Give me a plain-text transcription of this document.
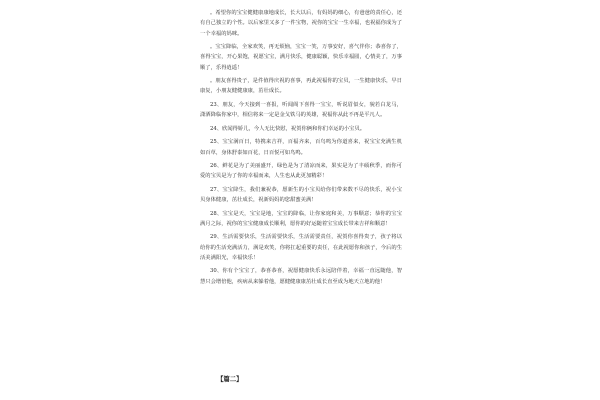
。希望你的宝宝健健康康地成长，长大以后，有妈妈的细心，有爸爸的责任心，还有自己独立的个性。以后家里又多了一件宝物，祝你的宝宝一生幸福，也祝福你成为了一个幸福的妈咪。

。宝宝降临，全家欢笑，再无烦恼，宝宝一笑，万事安好，喜气伴你；恭喜你了，喜得宝宝，开心果饱，祝愿宝宝，满月快乐，健康聪颖，快乐幸福圆，心情美了，万事顺了，乐得逍遥！

。朋友喜得贵子，是件值得庆祝的喜事，再此祝福你的宝贝，一生健康快乐，早日康复，小朋友健健康康，茁壮成长。

23、朋友，今天接到一喜报，听闻阁下喜得一宝宝，听说眉似女，貌若白龙马，潇洒降临你家中，相信将来一定是金戈铁马的英雄，祝福你从此不再是平凡人。

24、欣闻得娇儿，今人无比快慰，祝贺你俩和你们幸运的小宝贝。

25、宝宝满百日，特携来吉祥，百福齐来，百鸟鸣为你道喜来，祝宝宝充满生机如百草，身体舒泰如百花，日百悦可如鸟鸣。

26、鲜花是为了美丽盛开，绿色是为了清凉而来，果实是为了丰硕秋季，而你可爱的宝贝是为了你的幸福而来，人生也从此更加精彩！

27、宝宝降生，我们兼祝恭，愿新生的小宝贝给你们带来数不尽的快乐，祝小宝贝身体健康，茁壮成长，祝新妈妈的您甜蜜美满！

28、宝宝是天，宝宝是地，宝宝的降临，让你家庭和美，万事顺意；恭你的宝宝满月之际，祝你的宝宝健康成长顺利，愿你的好运随着宝宝成长带来吉祥和顺意！

29、生活需要快乐，生活需要快乐，生活需要责任，祝贺你喜得贵子，孩子将以给你的生活充满活力，满是欢笑，你将扛起重要的责任，在此祝愿你和孩子，今后的生活美满阳光，幸福快乐！

30、你有个宝宝了，恭喜恭喜，祝愿健康快乐永远陪伴着，幸福一直远随他，智慧只会增倍他，疾病从来躲着他，愿健健康康茁壮成长直至成为地天立地的他！

【篇二】
